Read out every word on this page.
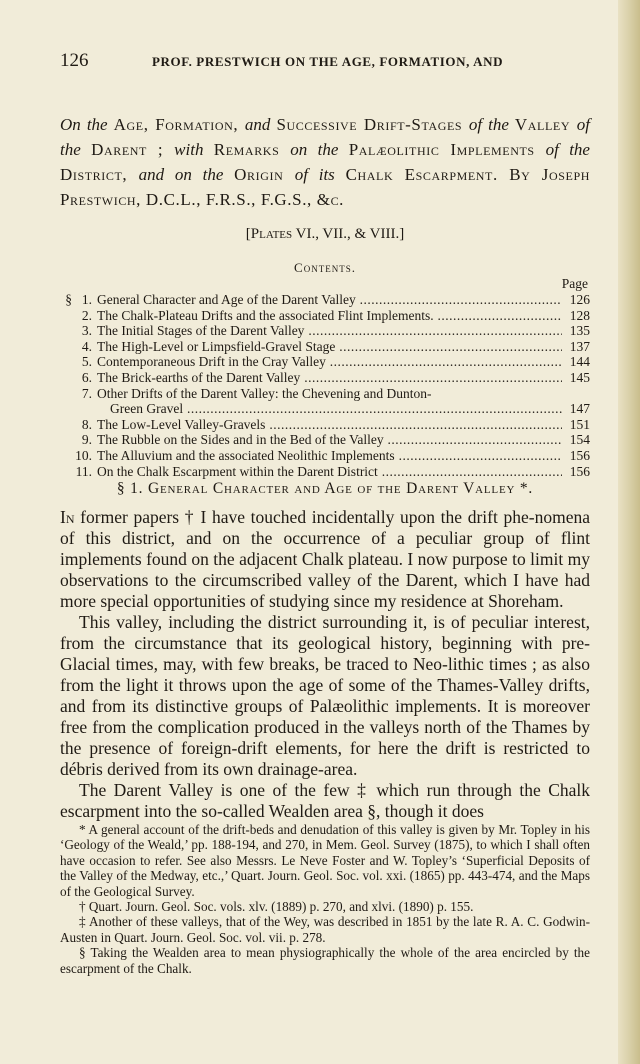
126	PROF. PRESTWICH ON THE AGE, FORMATION, AND

On the Age, Formation, and Successive Drift-Stages of the Valley of the Darent ; with Remarks on the Palæolithic Implements of the District, and on the Origin of its Chalk Escarpment. By Joseph Prestwich, D.C.L., F.R.S., F.G.S., &c.

[Plates VI., VII., & VIII.]
Contents.
Page
§ 1. General Character and Age of the Darent Valley .....	126
2. The Chalk-Plateau Drifts and the associated Flint Implements. .....	128
3. The Initial Stages of the Darent Valley .....	135
4. The High-Level or Limpsfield-Gravel Stage .....	137
5. Contemporaneous Drift in the Cray Valley .....	144
6. The Brick-earths of the Darent Valley .....	145
7. Other Drifts of the Darent Valley: the Chevening and Dunton-
Green Gravel .....	147
8. The Low-Level Valley-Gravels .....	151
9. The Rubble on the Sides and in the Bed of the Valley .....	154
10. The Alluvium and the associated Neolithic Implements .....	156
11. On the Chalk Escarpment within the Darent District .....	156
§ 1. General Character and Age of the Darent Valley *.

In former papers † I have touched incidentally upon the drift phe-nomena of this district, and on the occurrence of a peculiar group of flint implements found on the adjacent Chalk plateau. I now purpose to limit my observations to the circumscribed valley of the Darent, which I have had more special opportunities of studying since my residence at Shoreham.

This valley, including the district surrounding it, is of peculiar interest, from the circumstance that its geological history, beginning with pre-Glacial times, may, with few breaks, be traced to Neo-lithic times ; as also from the light it throws upon the age of some of the Thames-Valley drifts, and from its distinctive groups of Palæolithic implements. It is moreover free from the complication produced in the valleys north of the Thames by the presence of foreign-drift elements, for here the drift is restricted to débris derived from its own drainage-area.

The Darent Valley is one of the few ‡ which run through the Chalk escarpment into the so-called Wealden area §, though it does

* A general account of the drift-beds and denudation of this valley is given by Mr. Topley in his ‘Geology of the Weald,’ pp. 188-194, and 270, in Mem. Geol. Survey (1875), to which I shall often have occasion to refer. See also Messrs. Le Neve Foster and W. Topley’s ‘Superficial Deposits of the Valley of the Medway, etc.,’ Quart. Journ. Geol. Soc. vol. xxi. (1865) pp. 443-474, and the Maps of the Geological Survey.

† Quart. Journ. Geol. Soc. vols. xlv. (1889) p. 270, and xlvi. (1890) p. 155.

‡ Another of these valleys, that of the Wey, was described in 1851 by the late R. A. C. Godwin-Austen in Quart. Journ. Geol. Soc. vol. vii. p. 278.

§ Taking the Wealden area to mean physiographically the whole of the area encircled by the escarpment of the Chalk.
